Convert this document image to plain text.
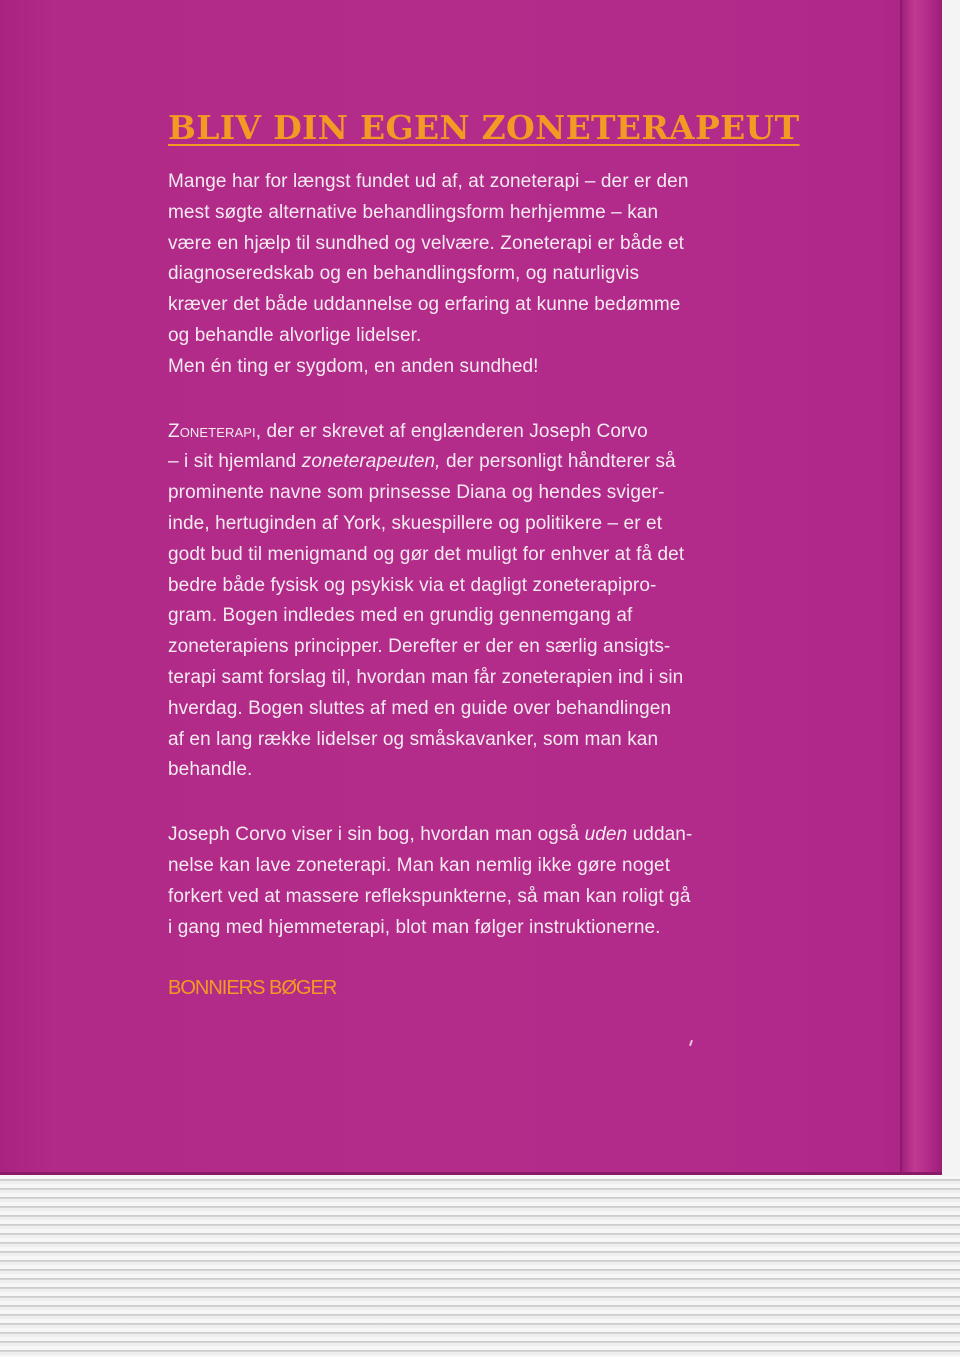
BLIV DIN EGEN ZONETERAPEUT
Mange har for længst fundet ud af, at zoneterapi – der er den
mest søgte alternative behandlingsform herhjemme – kan
være en hjælp til sundhed og velvære. Zoneterapi er både et
diagnoseredskab og en behandlingsform, og naturligvis
kræver det både uddannelse og erfaring at kunne bedømme
og behandle alvorlige lidelser.
Men én ting er sygdom, en anden sundhed!
Zoneterapi, der er skrevet af englænderen Joseph Corvo
– i sit hjemland zoneterapeuten, der personligt håndterer så
prominente navne som prinsesse Diana og hendes sviger-
inde, hertuginden af York, skuespillere og politikere – er et
godt bud til menigmand og gør det muligt for enhver at få det
bedre både fysisk og psykisk via et dagligt zoneterapipro-
gram. Bogen indledes med en grundig gennemgang af
zoneterapiens principper. Derefter er der en særlig ansigts-
terapi samt forslag til, hvordan man får zoneterapien ind i sin
hverdag. Bogen sluttes af med en guide over behandlingen
af en lang række lidelser og småskavanker, som man kan
behandle.
Joseph Corvo viser i sin bog, hvordan man også uden uddan-
nelse kan lave zoneterapi. Man kan nemlig ikke gøre noget
forkert ved at massere reflekspunkterne, så man kan roligt gå
i gang med hjemmeterapi, blot man følger instruktionerne.
BONNIERS BØGER
